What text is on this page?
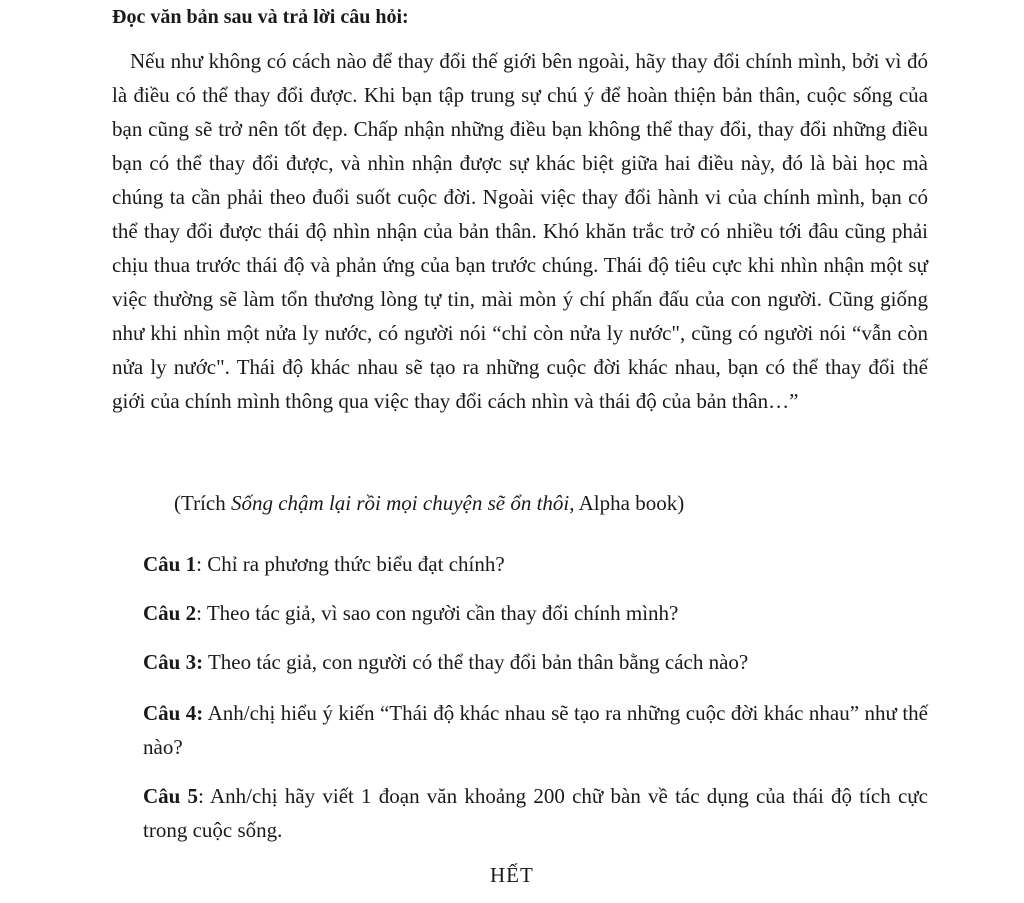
Đọc văn bản sau và trả lời câu hỏi:

Nếu như không có cách nào để thay đổi thế giới bên ngoài, hãy thay đổi chính mình, bởi vì đó là điều có thể thay đổi được. Khi bạn tập trung sự chú ý để hoàn thiện bản thân, cuộc sống của bạn cũng sẽ trở nên tốt đẹp. Chấp nhận những điều bạn không thể thay đổi, thay đổi những điều bạn có thể thay đổi được, và nhìn nhận được sự khác biệt giữa hai điều này, đó là bài học mà chúng ta cần phải theo đuổi suốt cuộc đời. Ngoài việc thay đổi hành vi của chính mình, bạn có thể thay đổi được thái độ nhìn nhận của bản thân. Khó khăn trắc trở có nhiều tới đâu cũng phải chịu thua trước thái độ và phản ứng của bạn trước chúng. Thái độ tiêu cực khi nhìn nhận một sự việc thường sẽ làm tổn thương lòng tự tin, mài mòn ý chí phấn đấu của con người. Cũng giống như khi nhìn một nửa ly nước, có người nói “chỉ còn nửa ly nước", cũng có người nói “vẫn còn nửa ly nước". Thái độ khác nhau sẽ tạo ra những cuộc đời khác nhau, bạn có thể thay đổi thế giới của chính mình thông qua việc thay đổi cách nhìn và thái độ của bản thân…”

(Trích Sống chậm lại rồi mọi chuyện sẽ ổn thôi, Alpha book)

Câu 1: Chỉ ra phương thức biểu đạt chính?

Câu 2: Theo tác giả, vì sao con người cần thay đổi chính mình?

Câu 3: Theo tác giả, con người có thể thay đổi bản thân bằng cách nào?

Câu 4: Anh/chị hiểu ý kiến “Thái độ khác nhau sẽ tạo ra những cuộc đời khác nhau” như thế nào?

Câu 5: Anh/chị hãy viết 1 đoạn văn khoảng 200 chữ bàn về tác dụng của thái độ tích cực trong cuộc sống.

HẾT
